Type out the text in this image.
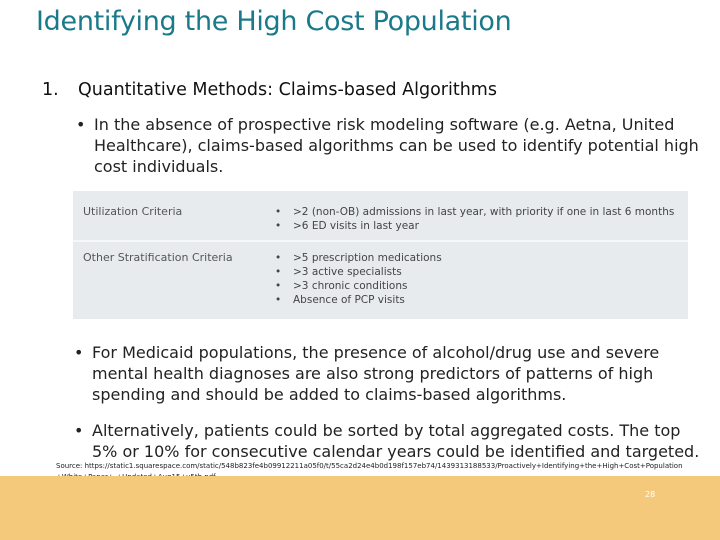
Identifying the High Cost Population
1. Quantitative Methods: Claims-based Algorithms
• In the absence of prospective risk modeling software (e.g. Aetna, United Healthcare), claims-based algorithms can be used to identify potential high cost individuals.
Utilization Criteria	• >2 (non-OB) admissions in last year, with priority if one in last 6 months
• >6 ED visits in last year
Other Stratification Criteria	• >5 prescription medications
• >3 active specialists
• >3 chronic conditions
• Absence of PCP visits
• For Medicaid populations, the presence of alcohol/drug use and severe mental health diagnoses are also strong predictors of patterns of high spending and should be added to claims-based algorithms.
• Alternatively, patients could be sorted by total aggregated costs. The top 5% or 10% for consecutive calendar years could be identified and targeted.
Source: https://static1.squarespace.com/static/548b823fe4b09912211a05f0/t/55ca2d24e4b0d198f157eb74/1439313188533/Proactively+Identifying+the+High+Cost+Population
28
